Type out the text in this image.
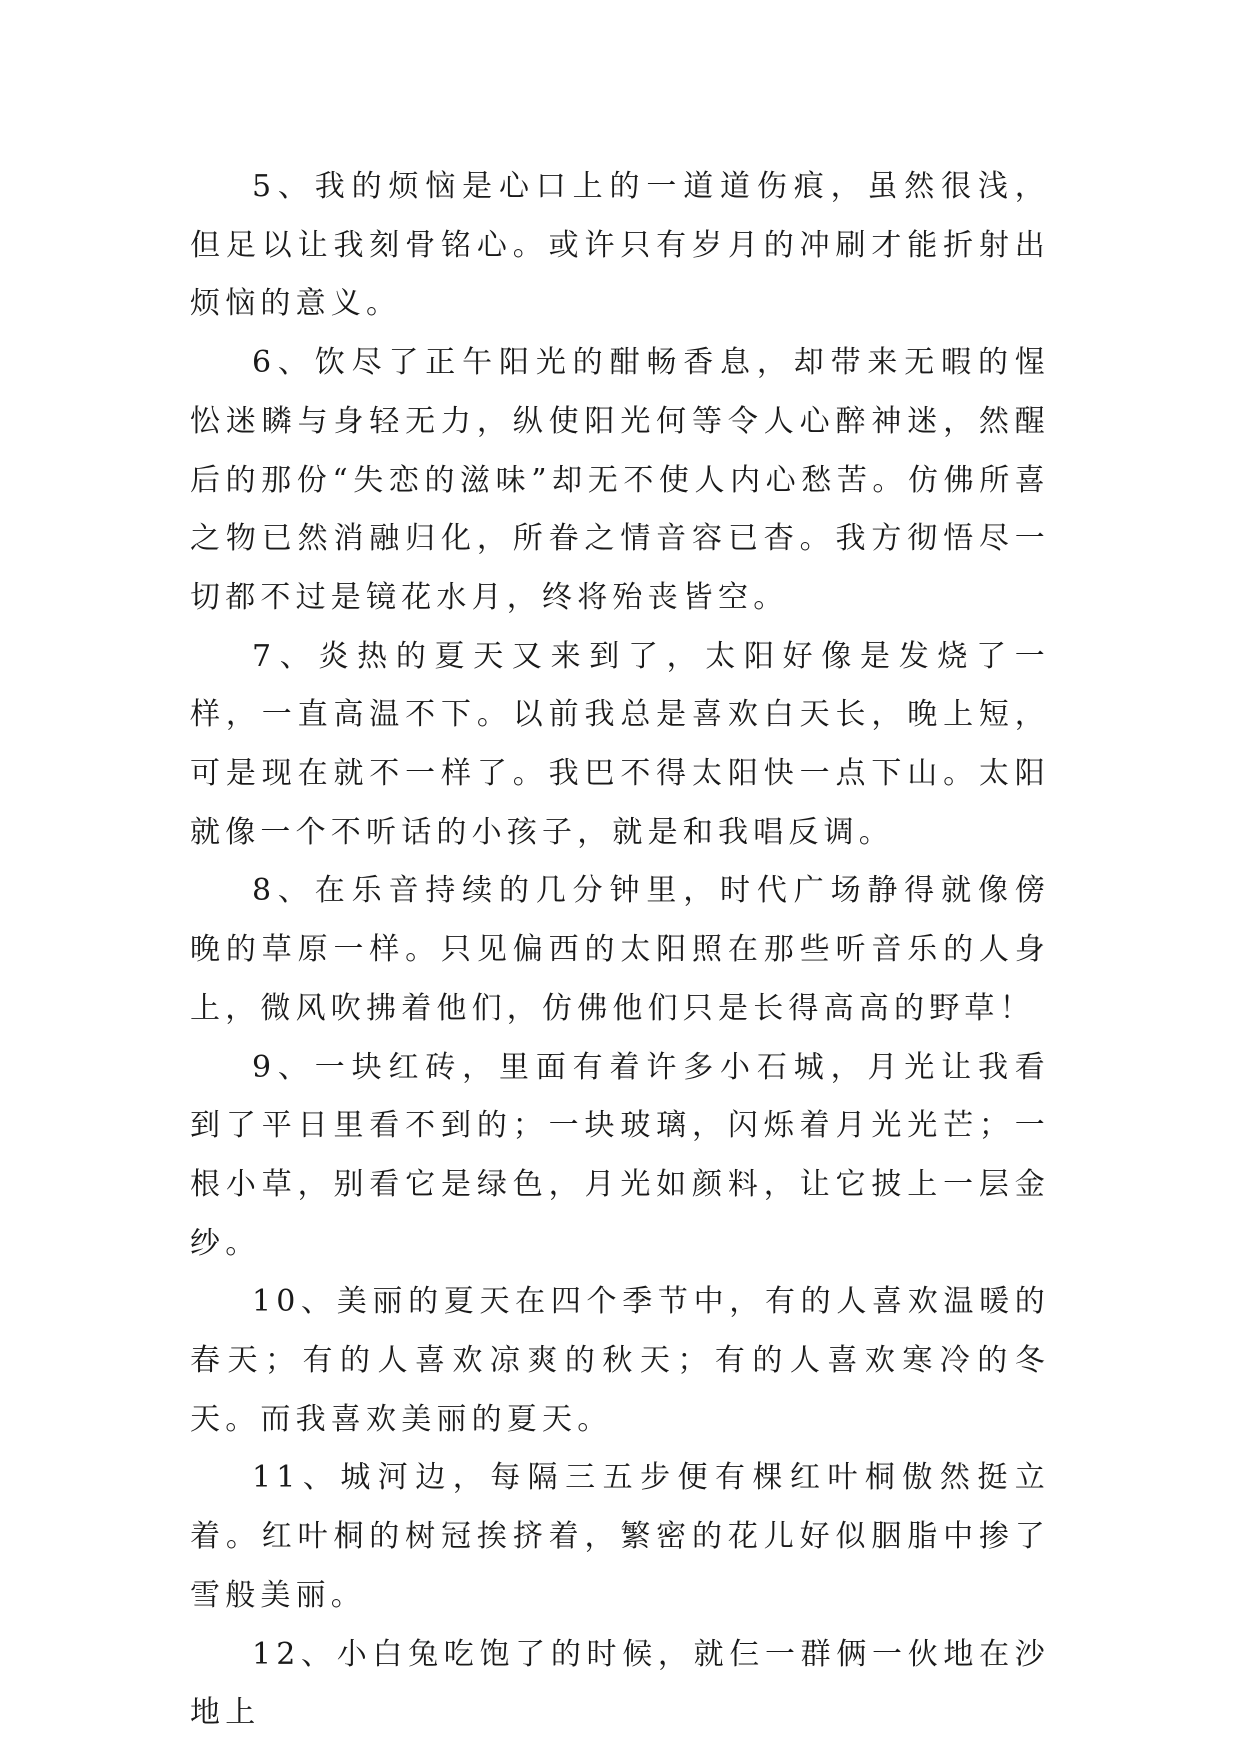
5、我的烦恼是心口上的一道道伤痕，虽然很浅，但足以让我刻骨铭心。或许只有岁月的冲刷才能折射出烦恼的意义。

6、饮尽了正午阳光的酣畅香息，却带来无暇的惺忪迷瞵与身轻无力，纵使阳光何等令人心醉神迷，然醒后的那份“失恋的滋味”却无不使人内心愁苦。仿佛所喜之物已然消融归化，所眷之情音容已杳。我方彻悟尽一切都不过是镜花水月，终将殆丧皆空。

7、炎热的夏天又来到了，太阳好像是发烧了一样，一直高温不下。以前我总是喜欢白天长，晚上短，可是现在就不一样了。我巴不得太阳快一点下山。太阳就像一个不听话的小孩子，就是和我唱反调。

8、在乐音持续的几分钟里，时代广场静得就像傍晚的草原一样。只见偏西的太阳照在那些听音乐的人身上，微风吹拂着他们，仿佛他们只是长得高高的野草！

9、一块红砖，里面有着许多小石城，月光让我看到了平日里看不到的；一块玻璃，闪烁着月光光芒；一根小草，别看它是绿色，月光如颜料，让它披上一层金纱。

10、美丽的夏天在四个季节中，有的人喜欢温暖的春天；有的人喜欢凉爽的秋天；有的人喜欢寒冷的冬天。而我喜欢美丽的夏天。

11、城河边，每隔三五步便有棵红叶桐傲然挺立着。红叶桐的树冠挨挤着，繁密的花儿好似胭脂中掺了雪般美丽。

12、小白兔吃饱了的时候，就仨一群俩一伙地在沙地上
